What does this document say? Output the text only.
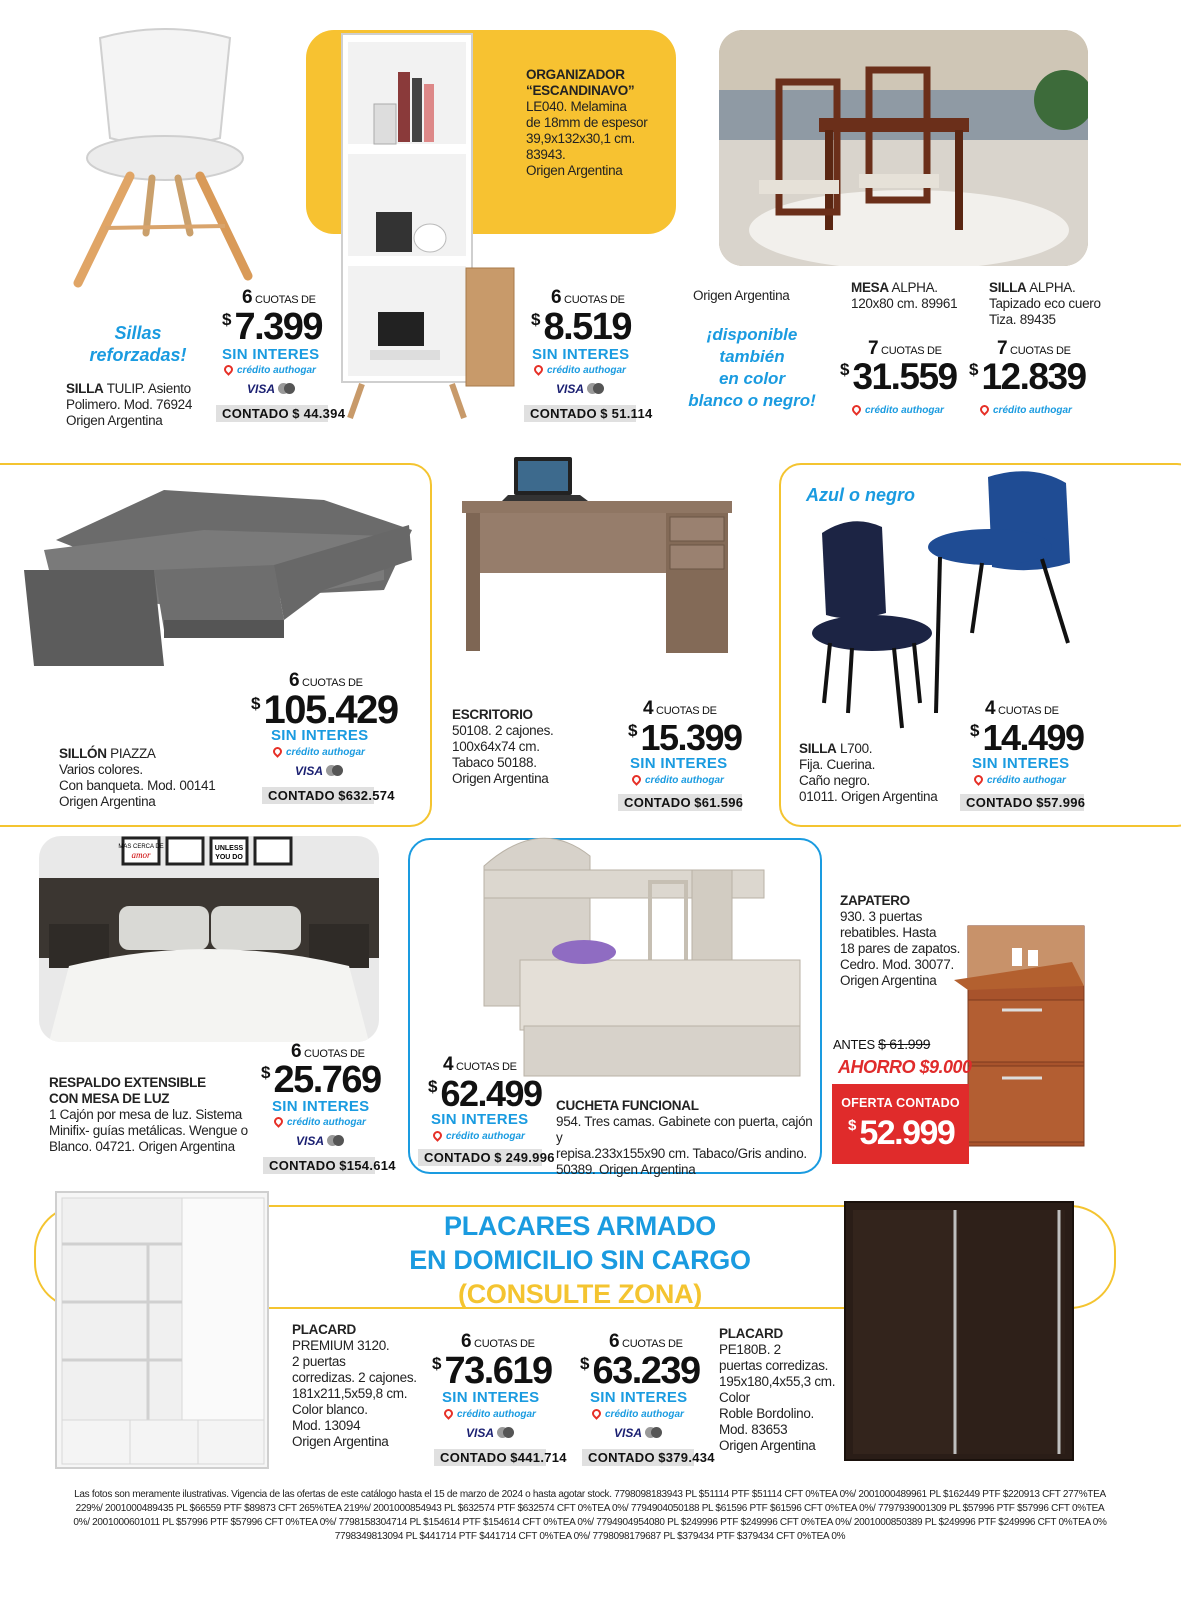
Sillas
reforzadas!
SILLA TULIP. Asiento
Polimero. Mod. 76924
Origen Argentina
6 CUOTAS DE
$7.399
SIN INTERES
crédito authogar
VISA
CONTADO $ 44.394
ORGANIZADOR
“ESCANDINAVO”
LE040. Melamina
de 18mm de espesor
39,9x132x30,1 cm.
83943.
Origen Argentina
6 CUOTAS DE
$8.519
SIN INTERES
crédito authogar
VISA
CONTADO $ 51.114
Origen Argentina
¡disponible
también
en color
blanco o negro!
MESA ALPHA.
120x80 cm. 89961
SILLA ALPHA.
Tapizado eco cuero
Tiza. 89435
7 CUOTAS DE
$31.559
crédito authogar
7 CUOTAS DE
$12.839
crédito authogar
6 CUOTAS DE
$105.429
SIN INTERES
crédito authogar
VISA
CONTADO $632.574
SILLÓN PIAZZA
Varios colores.
Con banqueta. Mod. 00141
Origen Argentina
ESCRITORIO
50108. 2 cajones.
100x64x74 cm.
Tabaco 50188.
Origen Argentina
4 CUOTAS DE
$15.399
SIN INTERES
crédito authogar
CONTADO $61.596
Azul o negro
SILLA L700.
Fija. Cuerina.
Caño negro.
01011. Origen Argentina
4 CUOTAS DE
$14.499
SIN INTERES
crédito authogar
CONTADO $57.996
MAS CERCA DE
amor
UNLESS
YOU DO
RESPALDO EXTENSIBLE
CON MESA DE LUZ
1 Cajón por mesa de luz. Sistema
Minifix- guías metálicas. Wengue o
Blanco. 04721. Origen Argentina
6 CUOTAS DE
$25.769
SIN INTERES
crédito authogar
VISA
CONTADO $154.614
4 CUOTAS DE
$62.499
SIN INTERES
crédito authogar
CONTADO $ 249.996
CUCHETA FUNCIONAL
954. Tres camas. Gabinete con puerta, cajón y
repisa.233x155x90 cm. Tabaco/Gris andino.
50389. Origen Argentina
ZAPATERO
930. 3 puertas
rebatibles. Hasta
18 pares de zapatos.
Cedro. Mod. 30077.
Origen Argentina
ANTES $ 61.999
AHORRO $9.000
OFERTA CONTADO
$52.999
PLACARES ARMADO
EN DOMICILIO SIN CARGO
(CONSULTE ZONA)
PLACARD
PREMIUM 3120.
2 puertas
corredizas. 2 cajones.
181x211,5x59,8 cm.
Color blanco.
Mod. 13094
Origen Argentina
6 CUOTAS DE
$73.619
SIN INTERES
crédito authogar
VISA
CONTADO $441.714
6 CUOTAS DE
$63.239
SIN INTERES
crédito authogar
VISA
CONTADO $379.434
PLACARD
PE180B. 2
puertas corredizas.
195x180,4x55,3 cm.
Color
Roble Bordolino.
Mod. 83653
Origen Argentina
Las fotos son meramente ilustrativas. Vigencia de las ofertas de este catálogo hasta el 15 de marzo de 2024 o hasta agotar stock. 7798098183943 PL $51114 PTF $51114 CFT 0%TEA 0%/ 2001000489961 PL $162449 PTF $220913 CFT 277%TEA
229%/ 2001000489435 PL $66559 PTF $89873 CFT 265%TEA 219%/ 2001000854943 PL $632574 PTF $632574 CFT 0%TEA 0%/ 7794904050188 PL $61596 PTF $61596 CFT 0%TEA 0%/ 7797939001309 PL $57996 PTF $57996 CFT 0%TEA
0%/ 2001000601011 PL $57996 PTF $57996 CFT 0%TEA 0%/ 7798158304714 PL $154614 PTF $154614 CFT 0%TEA 0%/ 7794904954080 PL $249996 PTF $249996 CFT 0%TEA 0%/ 2001000850389 PL $249996 PTF $249996 CFT 0%TEA 0%
7798349813094 PL $441714 PTF $441714 CFT 0%TEA 0%/ 7798098179687 PL $379434 PTF $379434 CFT 0%TEA 0%
